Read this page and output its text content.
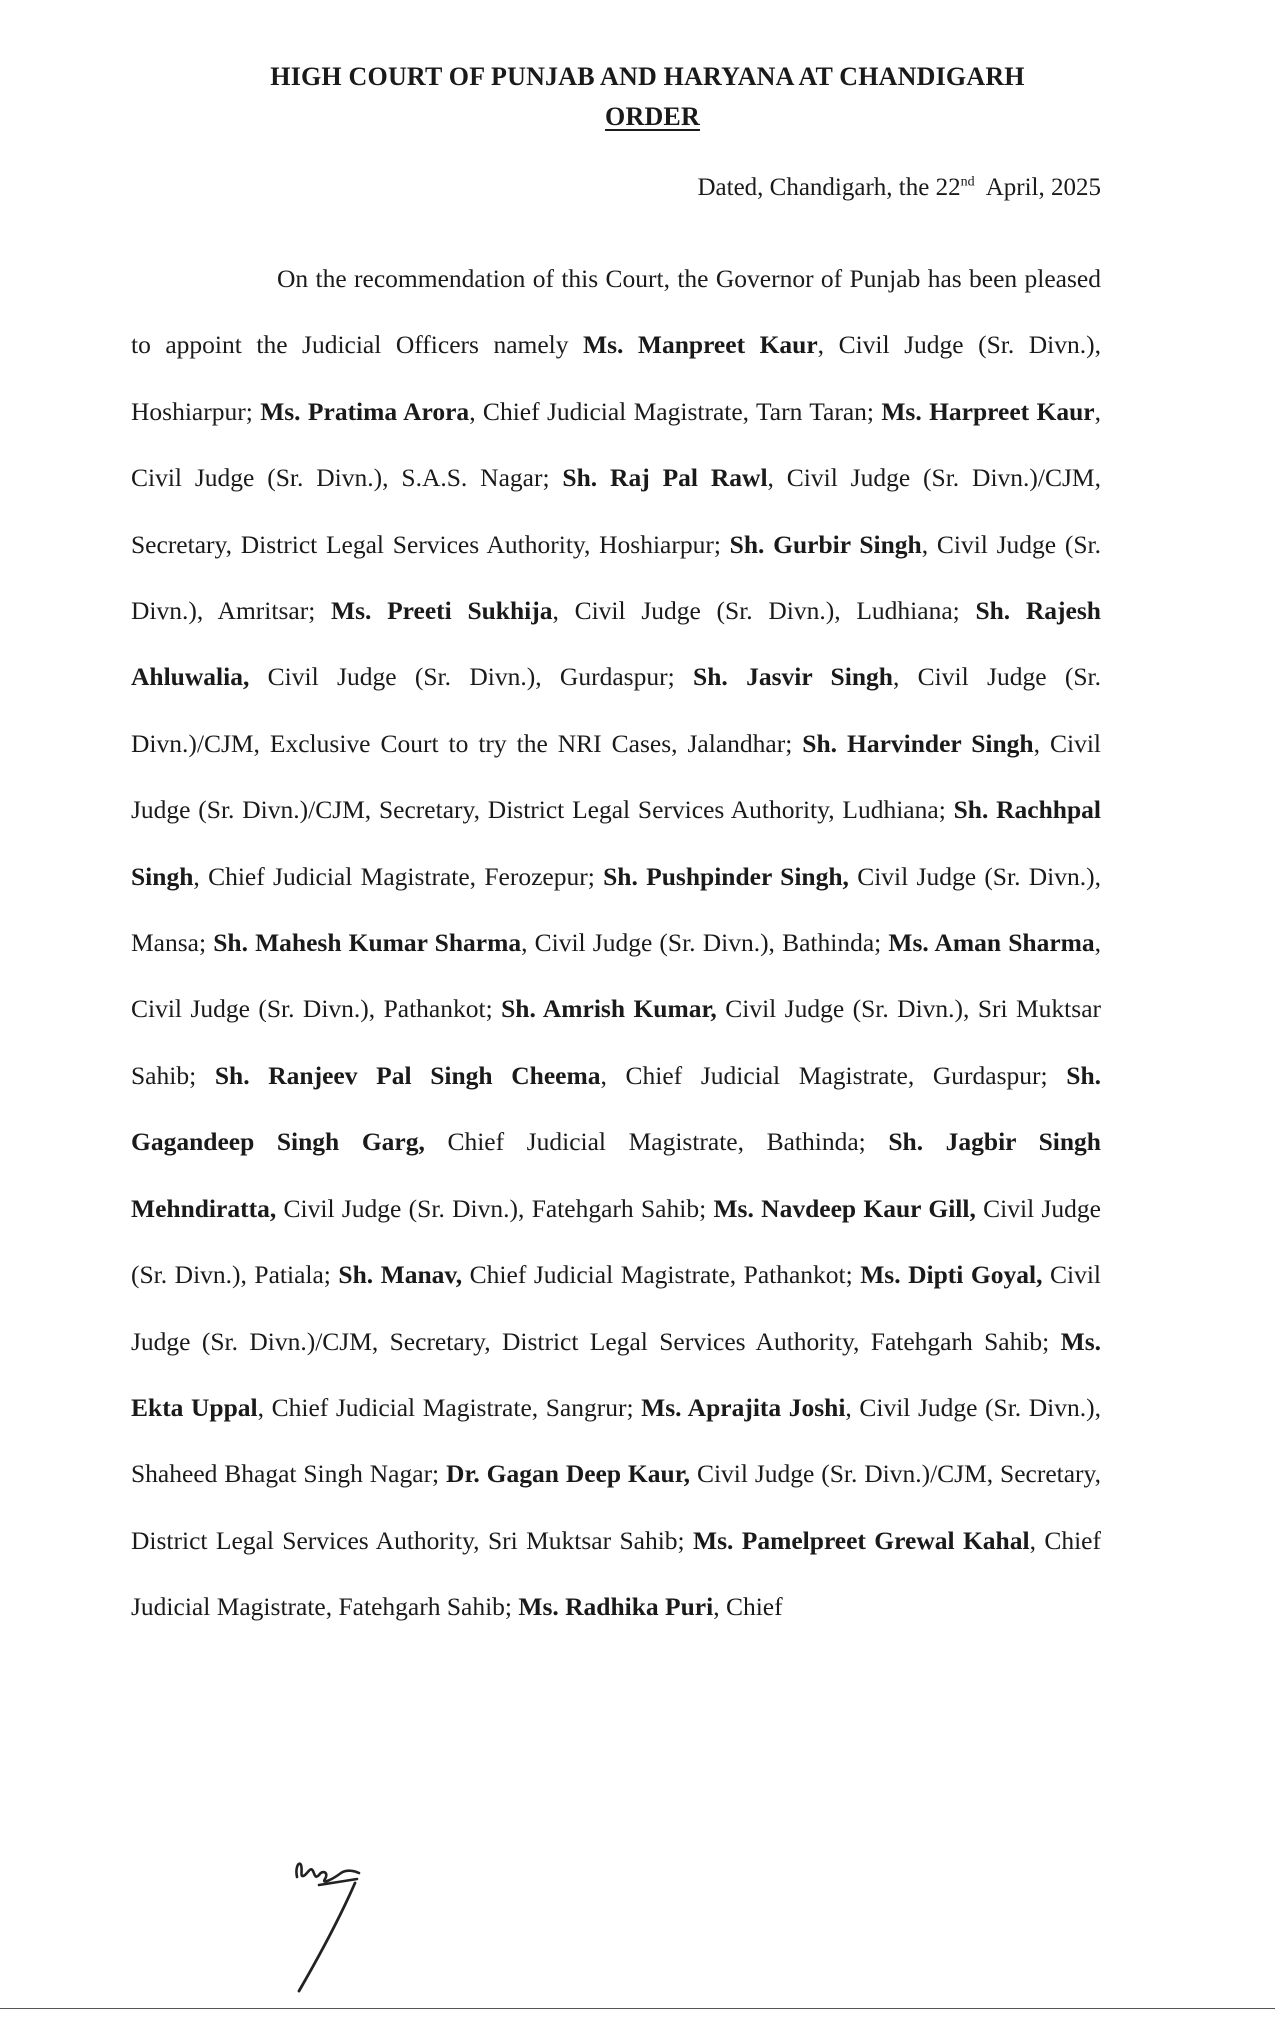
HIGH COURT OF PUNJAB AND HARYANA AT CHANDIGARH
ORDER
Dated, Chandigarh, the 22nd  April, 2025

On the recommendation of this Court, the Governor of Punjab has been pleased to appoint the Judicial Officers namely Ms. Manpreet Kaur, Civil Judge (Sr. Divn.), Hoshiarpur; Ms. Pratima Arora, Chief Judicial Magistrate, Tarn Taran; Ms. Harpreet Kaur, Civil Judge (Sr. Divn.), S.A.S. Nagar; Sh. Raj Pal Rawl, Civil Judge (Sr. Divn.)/CJM, Secretary, District Legal Services Authority, Hoshiarpur; Sh. Gurbir Singh, Civil Judge (Sr. Divn.), Amritsar; Ms. Preeti Sukhija, Civil Judge (Sr. Divn.), Ludhiana; Sh. Rajesh Ahluwalia, Civil Judge (Sr. Divn.), Gurdaspur; Sh. Jasvir Singh, Civil Judge (Sr. Divn.)/CJM, Exclusive Court to try the NRI Cases, Jalandhar; Sh. Harvinder Singh, Civil Judge (Sr. Divn.)/CJM, Secretary, District Legal Services Authority, Ludhiana; Sh. Rachhpal Singh, Chief Judicial Magistrate, Ferozepur; Sh. Pushpinder Singh, Civil Judge (Sr. Divn.), Mansa; Sh. Mahesh Kumar Sharma, Civil Judge (Sr. Divn.), Bathinda; Ms. Aman Sharma, Civil Judge (Sr. Divn.), Pathankot; Sh. Amrish Kumar, Civil Judge (Sr. Divn.), Sri Muktsar Sahib; Sh. Ranjeev Pal Singh Cheema, Chief Judicial Magistrate, Gurdaspur; Sh. Gagandeep Singh Garg, Chief Judicial Magistrate, Bathinda; Sh. Jagbir Singh Mehndiratta, Civil Judge (Sr. Divn.), Fatehgarh Sahib; Ms. Navdeep Kaur Gill, Civil Judge (Sr. Divn.), Patiala; Sh. Manav, Chief Judicial Magistrate, Pathankot; Ms. Dipti Goyal, Civil Judge (Sr. Divn.)/CJM, Secretary, District Legal Services Authority, Fatehgarh Sahib; Ms. Ekta Uppal, Chief Judicial Magistrate, Sangrur; Ms. Aprajita Joshi, Civil Judge (Sr. Divn.), Shaheed Bhagat Singh Nagar; Dr. Gagan Deep Kaur, Civil Judge (Sr. Divn.)/CJM, Secretary, District Legal Services Authority, Sri Muktsar Sahib; Ms. Pamelpreet Grewal Kahal, Chief Judicial Magistrate, Fatehgarh Sahib; Ms. Radhika Puri, Chief
